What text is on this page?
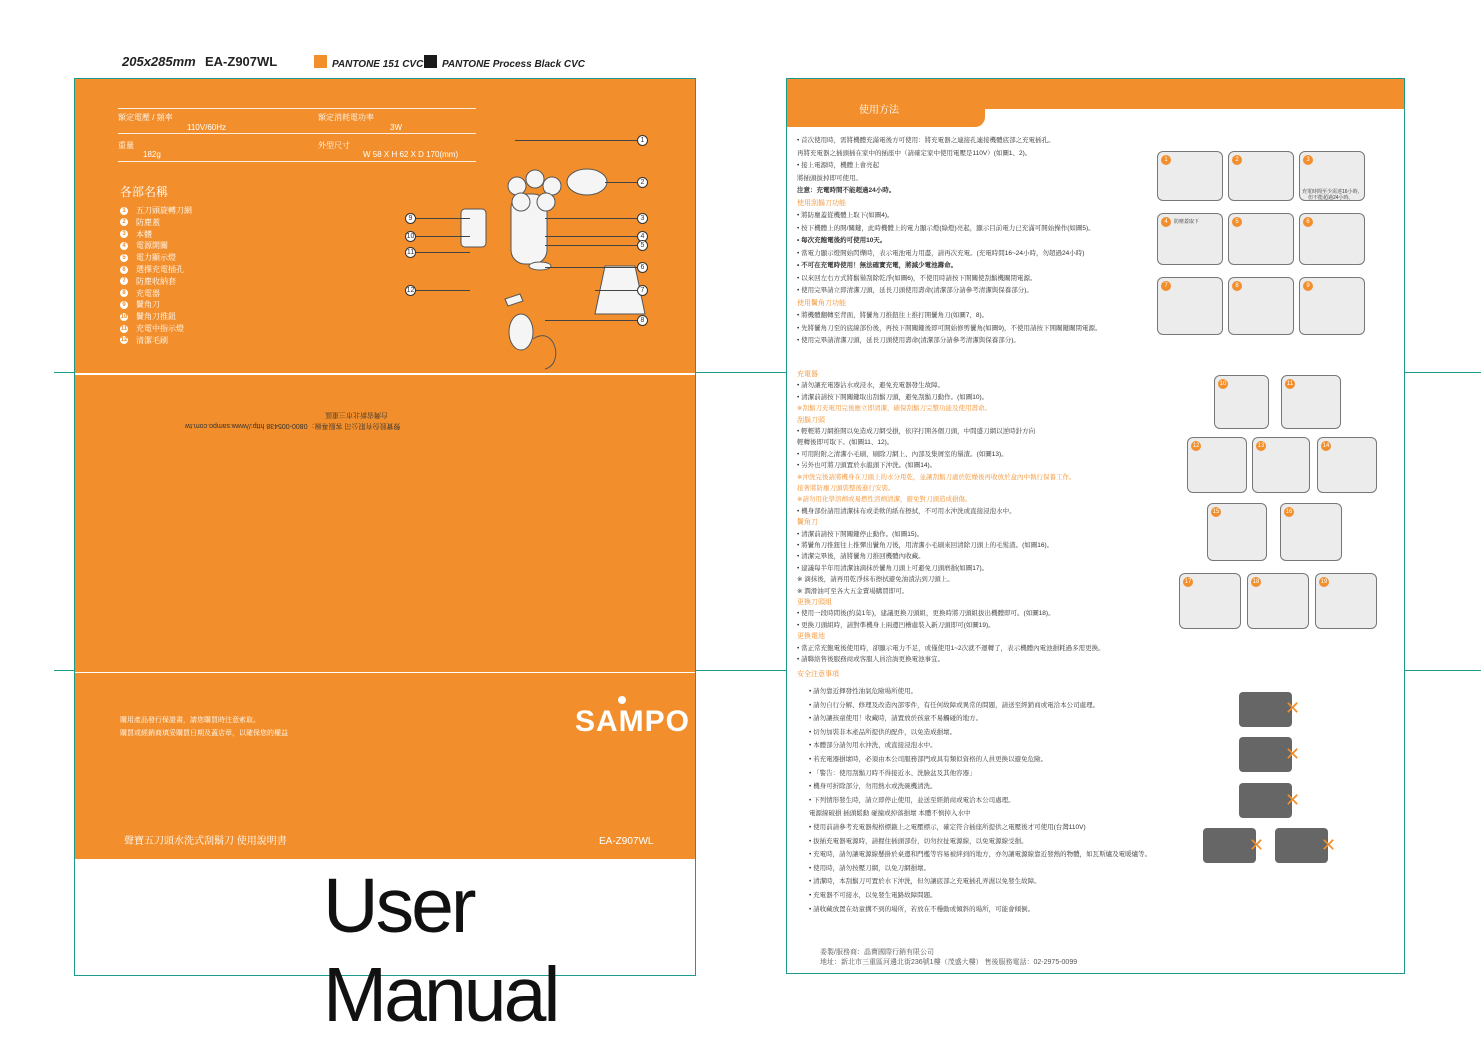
205x285mm EA-Z907WL	PANTONE 151 CVC PANTONE Process Black CVC
額定電壓 / 頻率
110V/60Hz
額定消耗電功率
3W
重量
182g
外型尺寸
W 58 X H 62 X D 170(mm)
各部名稱
1 五刀頭旋轉刀網
2 防塵蓋
3 本體
4 電源開關
5 電力顯示燈
6 選擇充電插孔
7 防塵收納套
8 充電器
9 鬢角刀
10 鬢角刀推鈕
11 充電中指示燈
12 清潔毛刷
1
2
3
4
5
6
7
8
9
10
11
12
聲寶股份有限公司 客服專線：0800-005438 http://www.sampo.com.tw
台灣省新北市三重區
購用產品發行保證書，請您購買時注意索取。
購買或經銷商填妥購買日期及蓋店章，以確保您的權益	SAMPO
聲寶五刀頭水洗式刮鬍刀 使用說明書	EA-Z907WL
User Manual
使用方法
• 首次使用時，需將機體充滿電後方可使用：將充電器之連接孔連接機體底部之充電插孔。
再將充電器之插頭插在家中的插座中（請確定家中使用電壓是110V）(如圖1、2)。
• 接上電源時，機體上會亮起
將插頭拔掉即可使用。
注意：充電時間不能超過24小時。
使用刮鬍刀功能
• 將防塵蓋從機體上取下(如圖4)。
• 按下機體上的開/關鍵，此時機體上的電力顯示燈(綠燈)亮起，顯示目前電力已充滿可開始操作(如圖5)。
• 每次充飽電後約可使用10天。
• 當電力顯示燈開始閃爍時，表示電池電力用盡，請再次充電。(充電時間16~24小時，勿超過24小時)
• 不可在充電時使用！無法確實充電，將減少電池壽命。
• 以來回左右方式將鬍鬚刮除乾淨(如圖6)，不使用時請按下開關使刮鬍機關閉電源。
• 使用完畢請立即清潔刀頭，延長刀頭使用壽命(清潔部分請參考清潔與保養部分)。
使用鬢角刀功能
• 將機體翻轉至背面，將鬢角刀推鈕往上推打開鬢角刀(如圖7、8)。
• 先將鬢角刀至的底線部份後，再按下開關鍵後即可開始修剪鬢角(如圖9)，不使用請按下開關鍵關閉電源。
• 使用完畢請清潔刀頭，延長刀頭使用壽命(清潔部分請參考清潔與保養部分)。
充電器
• 請勿讓充電器沾水或浸水，避免充電器發生故障。
• 清潔前請按下開關鍵取出刮鬍刀頭，避免刮鬍刀動作。(如圖10)。
※刮鬍刀充電用完後應立即清潔，確保刮鬍刀完整功能及使用壽命。
刮鬍刀頭
• 輕輕將刀網推開以免造成刀網受損，依序打開各個刀頭，中間盛刀網以逆時針方向
輕轉後即可取下。(如圖11、12)。
• 可用附附之清潔小毛刷，刷除刀網上、內部及集屑室的鬚渣。(如圖13)。
• 另外也可將刀頭置於水龍頭下沖洗。(如圖14)。
※沖洗完後請將機身在刀頭上的水分甩乾，並讓刮鬍刀處於乾燥後再收放於盒內中執行保養工作。
接著將防塵刀頭裝整後進行安裝。
※請勿用化學溶劑或易燃性溶劑清潔，避免對刀頭造成損傷。
• 機身部份請用清潔抹布或柔軟的紙布擦拭，不可用水沖洗或直接浸泡水中。
鬢角刀
• 清潔前請按下開關鍵停止動作。(如圖15)。
• 將鬢角刀推鈕往上推彈出鬢角刀後，用清潔小毛刷來回清除刀頭上的毛髮渣。(如圖16)。
• 清潔完畢後，請將鬢角刀推回機體內收藏。
• 建議每半年用清潔油滴抹於鬢角刀頭上可避免刀頭磨損(如圖17)。
※ 滴抹後，請再用乾淨抹布擦拭避免油漬沾到刀頭上。
※ 潤滑油可至各大五金賣場購買即可。
更換刀頭組
• 使用一段時間後(約莫1年)，建議更換刀頭組，更換時將刀頭組拔出機體即可。(如圖18)。
• 更換刀頭組時，請對準機身上兩邊凹槽處裝入新刀頭即可(如圖19)。
更換電池
• 當正常充飽電後使用時，卻顯示電力不足，或僅使用1~2次就不運轉了，表示機體內電池損耗過多需更換。
• 請聯絡售後服務商或客服人員洽詢更換電池事宜。
安全注意事項
• 請勿靠近揮發性油氣危險場所使用。
• 請勿自行分解、修理及改造內部零件，有任何故障或異常的問題，請送至經銷商或電洽本公司處理。
• 請勿讓孩童使用！收藏時，請置放於孩童不易觸碰的地方。
• 切勿加裝非本產品所提供的配件，以免造成損壞。
• 本體部分請勿用水沖洗，或直接浸泡水中。
• 若充電器損壞時，必須由本公司服務部門或具有類似資格的人員更換以避免危險。
• 「警告：使用刮鬍刀時不得接近水、洗臉盆及其他容器」
• 機身可折除部分，勿用熱水或洗碗機清洗。
• 下列情形發生時，請立即停止使用，並送至經銷商或電洽本公司處理。
電源線破損 插頭鬆動 碰撞或掉落損壞 本體不慎掉入水中
• 使用前請參考充電器規格標籤上之電壓標示，確定符合插座所提供之電壓後才可使用(台灣110V)
• 拔插充電器電源時，請握住插頭部份，切勿拉扯電源線，以免電源線受損。
• 充電時，請勿讓電源線懸掛於桌邊和門檻等容易被絆到的地方，亦勿讓電源線靠近發熱的物體，如瓦斯爐及電暖爐等。
• 使用時，請勿按壓刀網，以免刀網損壞。
• 清潔時，本刮鬍刀可置於水下沖洗，但勿讓底部之充電插孔弄濕以免發生故障。
• 充電器不可接水，以免發生電路故障問題。
• 請收藏放置在幼童搆不到的場所，若放在不穩動或傾斜的場所，可能會傾倒。
1	2	3
充電時間至少需達16小時,
但不能超過24小時。
4	防塵蓋取下	5	6
7	8	9
10	11
12	13	14
15	16
17	18	19
✕
✕
✕
✕	✕
委製/服務商：晶寶國際行銷有限公司
地址：新北市三重區河邊北街236號1樓（茂盛大樓） 售後服務電話：02-2975-0099
